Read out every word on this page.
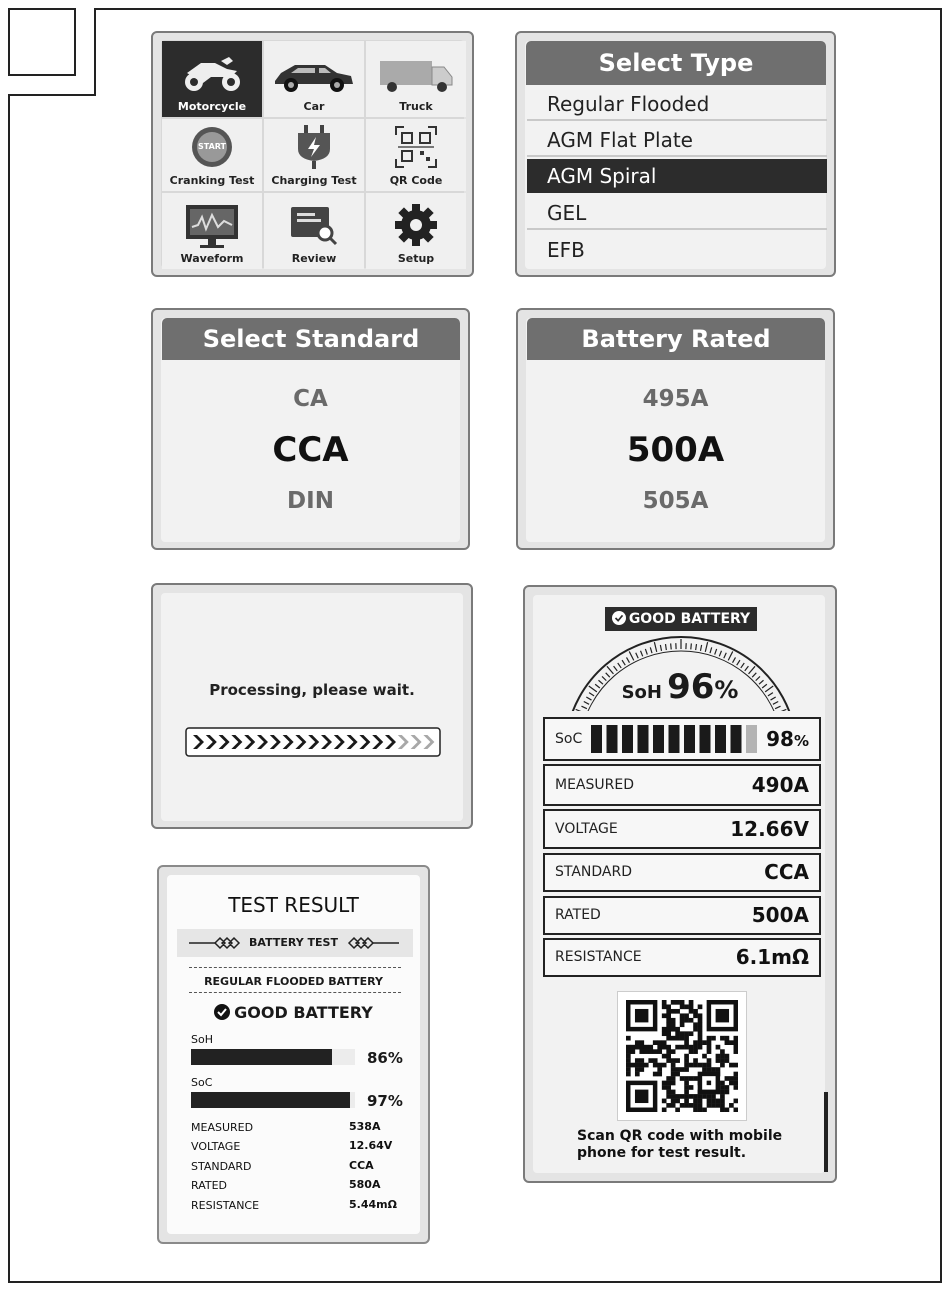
Motorcycle	Car	Truck
START
Cranking Test	Charging Test	QR Code
Waveform	Review	Setup
Select Type
Regular Flooded
AGM Flat Plate
AGM Spiral
GEL
EFB
Select Standard
CA
CCA
DIN
Battery Rated
495A
500A
505A
Processing, please wait.
TEST RESULT
BATTERY TEST
REGULAR FLOODED BATTERY
GOOD BATTERY
SoH
86%
SoC
97%
MEASURED	538A
VOLTAGE	12.64V
STANDARD	CCA
RATED	580A
RESISTANCE	5.44mΩ
GOOD BATTERY
SoH 96%
SoC	98%
MEASURED	490A
VOLTAGE	12.66V
STANDARD	CCA
RATED	500A
RESISTANCE	6.1mΩ
Scan QR code with mobile
phone for test result.
